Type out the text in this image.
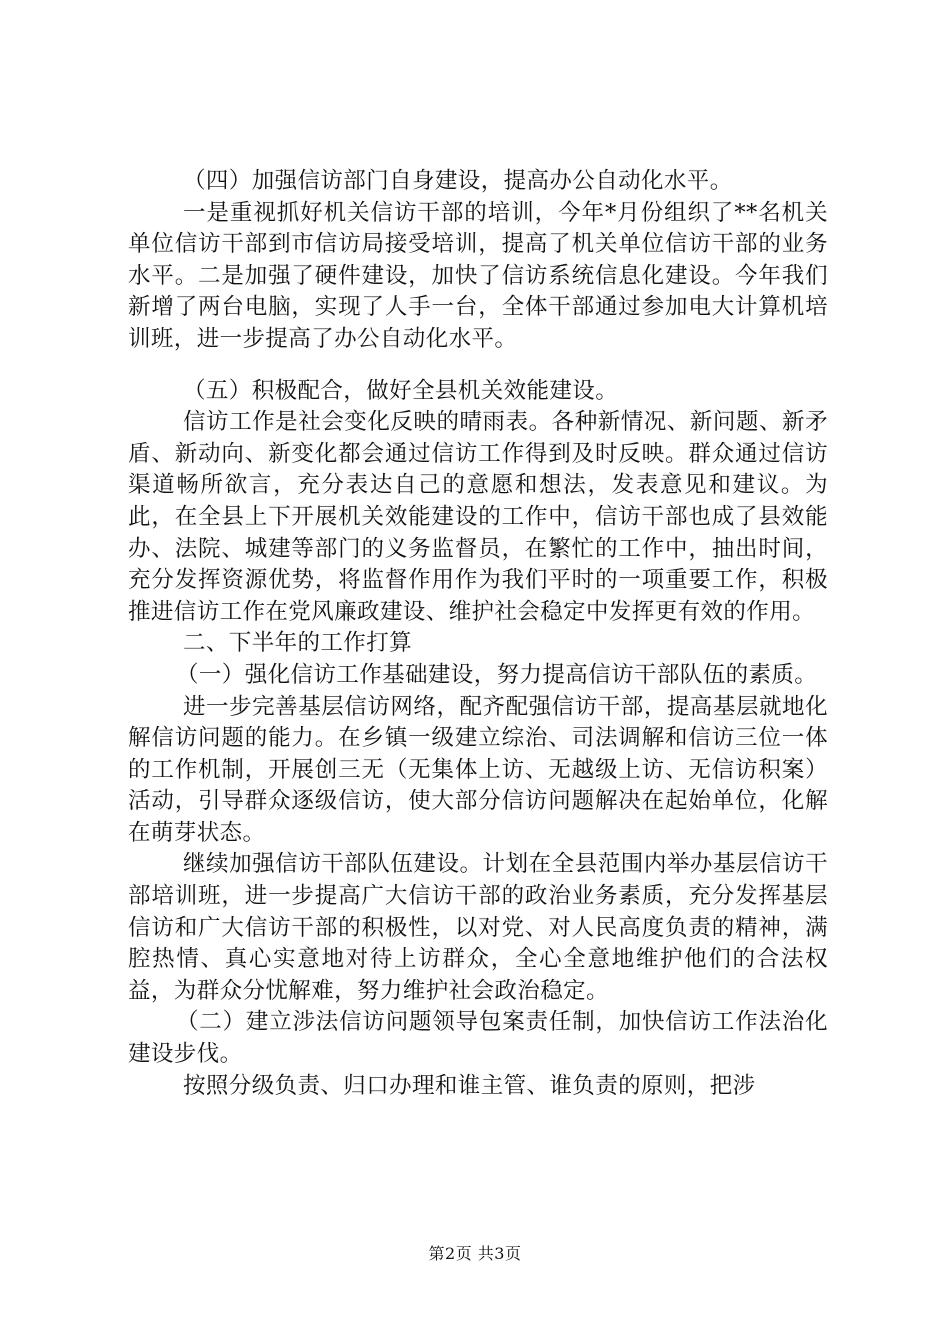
（四）加强信访部门自身建设，提高办公自动化水平。

一是重视抓好机关信访干部的培训，今年*月份组织了**名机关单位信访干部到市信访局接受培训，提高了机关单位信访干部的业务水平。二是加强了硬件建设，加快了信访系统信息化建设。今年我们新增了两台电脑，实现了人手一台，全体干部通过参加电大计算机培训班，进一步提高了办公自动化水平。

（五）积极配合，做好全县机关效能建设。

信访工作是社会变化反映的晴雨表。各种新情况、新问题、新矛盾、新动向、新变化都会通过信访工作得到及时反映。群众通过信访渠道畅所欲言，充分表达自己的意愿和想法，发表意见和建议。为此，在全县上下开展机关效能建设的工作中，信访干部也成了县效能办、法院、城建等部门的义务监督员，在繁忙的工作中，抽出时间，充分发挥资源优势，将监督作用作为我们平时的一项重要工作，积极推进信访工作在党风廉政建设、维护社会稳定中发挥更有效的作用。

二、下半年的工作打算

（一）强化信访工作基础建设，努力提高信访干部队伍的素质。

进一步完善基层信访网络，配齐配强信访干部，提高基层就地化解信访问题的能力。在乡镇一级建立综治、司法调解和信访三位一体的工作机制，开展创三无（无集体上访、无越级上访、无信访积案）活动，引导群众逐级信访，使大部分信访问题解决在起始单位，化解在萌芽状态。

继续加强信访干部队伍建设。计划在全县范围内举办基层信访干部培训班，进一步提高广大信访干部的政治业务素质，充分发挥基层信访和广大信访干部的积极性，以对党、对人民高度负责的精神，满腔热情、真心实意地对待上访群众，全心全意地维护他们的合法权益，为群众分忧解难，努力维护社会政治稳定。

（二）建立涉法信访问题领导包案责任制，加快信访工作法治化建设步伐。

按照分级负责、归口办理和谁主管、谁负责的原则，把涉

第2页 共3页
